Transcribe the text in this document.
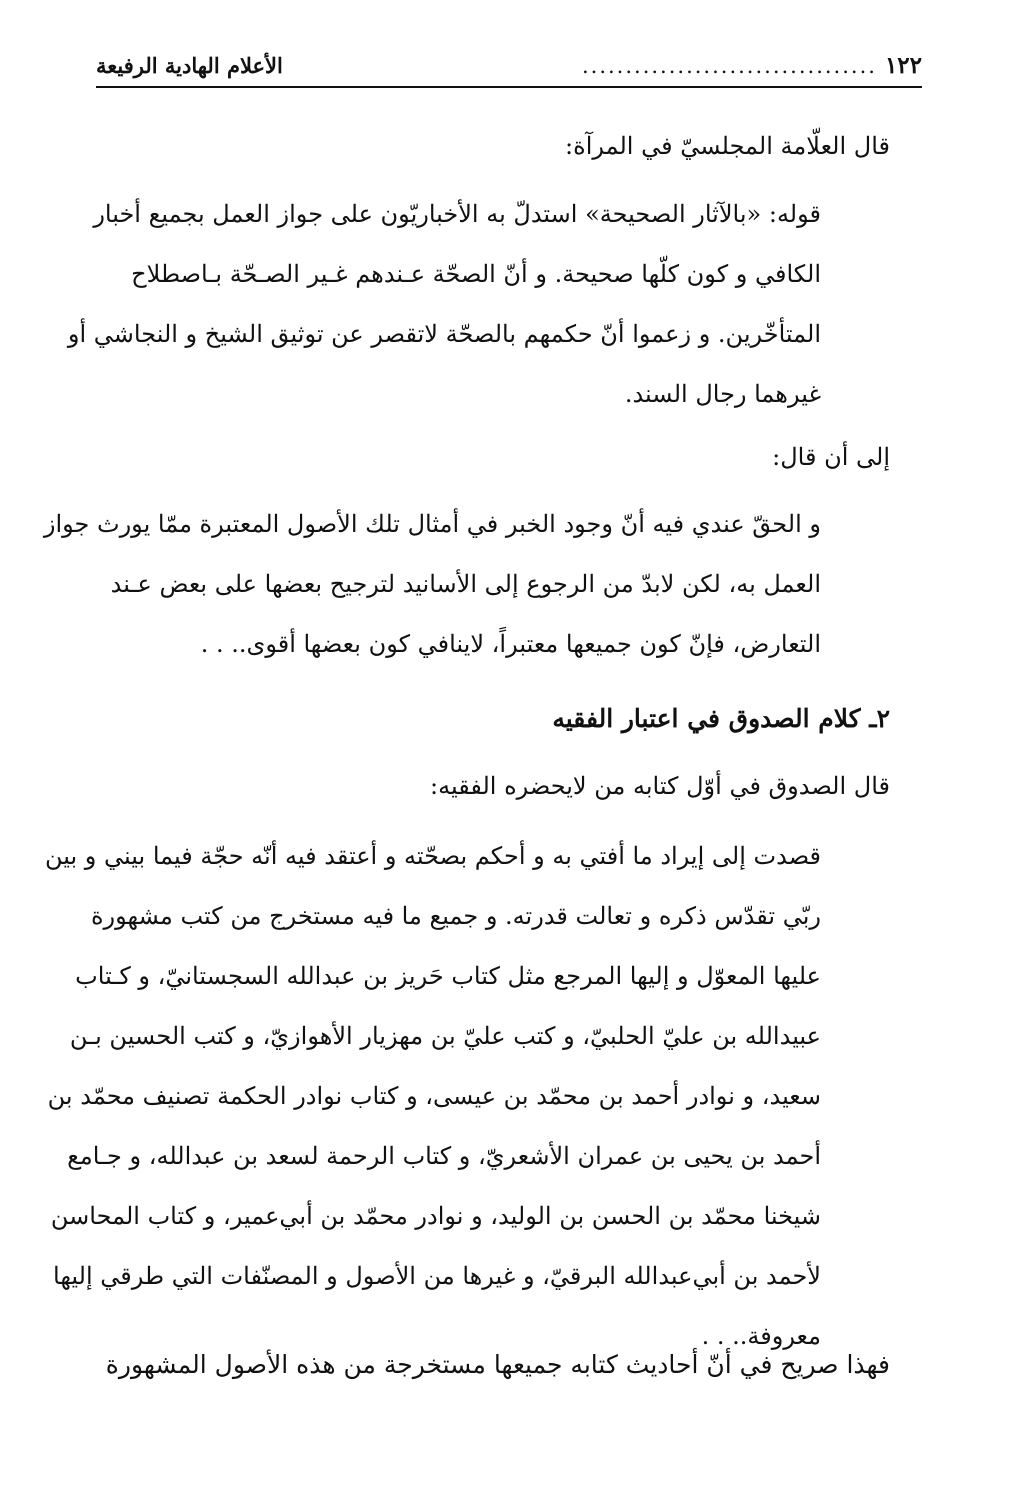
١٢٢
..................................
الأعلام الهادية الرفيعة

قال العلّامة المجلسيّ في المرآة:

قوله: «بالآثار الصحيحة» استدلّ به الأخباريّون على جواز العمل بجميع أخبار
الكافي و كون كلّها صحيحة. و أنّ الصحّة عـندهم غـير الصـحّة بـاصطلاح
المتأخّرين. و زعموا أنّ حكمهم بالصحّة لاتقصر عن توثيق الشيخ و النجاشي أو
غيرهما رجال السند.

إلى أن قال:

و الحقّ عندي فيه أنّ وجود الخبر في أمثال تلك الأصول المعتبرة ممّا يورث جواز
العمل به، لكن لابدّ من الرجوع إلى الأسانيد لترجيح بعضها على بعض عـند
التعارض، فإنّ كون جميعها معتبراً، لاينافي كون بعضها أقوى.. . .

٢ـ كلام الصدوق في اعتبار الفقيه

قال الصدوق في أوّل كتابه من لايحضره الفقيه:

قصدت إلى إيراد ما أفتي به و أحكم بصحّته و أعتقد فيه أنّه حجّة فيما بيني و بين
ربّي تقدّس ذكره و تعالت قدرته. و جميع ما فيه مستخرج من كتب مشهورة
عليها المعوّل و إليها المرجع مثل كتاب حَريز بن عبدالله السجستانيّ، و كـتاب
عبيدالله بن عليّ الحلبيّ، و كتب عليّ بن مهزيار الأهوازيّ، و كتب الحسين بـن
سعيد، و نوادر أحمد بن محمّد بن عيسى، و كتاب نوادر الحكمة تصنيف محمّد بن
أحمد بن يحيى بن عمران الأشعريّ، و كتاب الرحمة لسعد بن عبدالله، و جـامع
شيخنا محمّد بن الحسن بن الوليد، و نوادر محمّد بن أبي‌عمير، و كتاب المحاسن
لأحمد بن أبي‌عبدالله البرقيّ، و غيرها من الأصول و المصنّفات التي طرقي إليها
معروفة.. . .

فهذا صريح في أنّ أحاديث كتابه جميعها مستخرجة من هذه الأصول المشهورة
